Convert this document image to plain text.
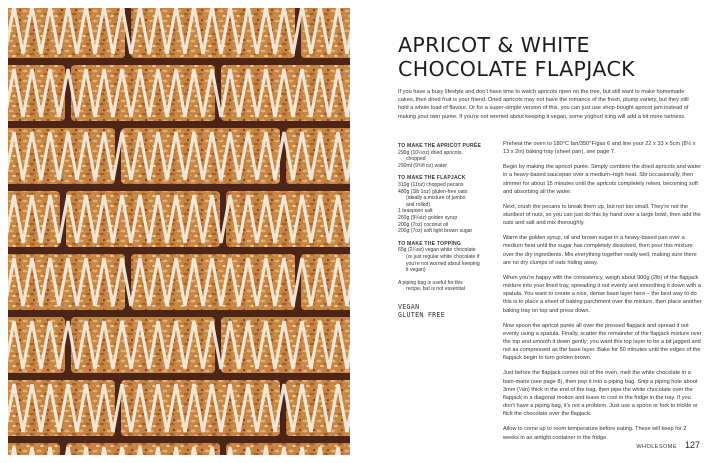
APRICOT & WHITE
CHOCOLATE FLAPJACK

If you have a busy lifestyle and don't have time to watch apricots ripen on the tree, but still want to make homemade cakes, then dried fruit is your friend. Dried apricots may not have the romance of the fresh, plump variety, but they still hold a whole load of flavour. Or for a super-simple version of this, you can just use shop-bought apricot jam instead of making your own purée. If you're not worried about keeping it vegan, some yoghurt icing will add a bit more tartness.

TO MAKE THE APRICOT PURÉE
290g (10½oz) dried apricots,
chopped
290ml (9¾fl oz) water
TO MAKE THE FLAPJACK
310g (11oz) chopped pecans
480g (1lb 1oz) gluten-free oats
(ideally a mixture of jumbo
and rolled)
1 teaspoon salt
260g (9¼oz) golden syrup
200g (7oz) coconut oil
200g (7oz) soft light brown sugar
TO MAKE THE TOPPING
65g (2¼oz) vegan white chocolate
(or just regular white chocolate if
you're not worried about keeping
it vegan)
A piping bag is useful for this
recipe, but is not essential
VEGAN
GLUTEN FREE

Preheat the oven to 180°C fan/350°F/gas 6 and line your 22 x 33 x 5cm (8½ x 13 x 2in) baking tray (sheet pan), see page 7.

Begin by making the apricot purée. Simply combine the dried apricots and water in a heavy-based saucepan over a medium–high heat. Stir occasionally, then simmer for about 15 minutes until the apricots completely relent, becoming soft and absorbing all the water.

Next, crush the pecans to break them up, but not too small. They're not the sturdiest of nuts, so you can just do this by hand over a large bowl, then add the oats and salt and mix thoroughly.

Warm the golden syrup, oil and brown sugar in a heavy-based pan over a medium heat until the sugar has completely dissolved, then pour this mixture over the dry ingredients. Mix everything together really well, making sure there are no dry clumps of oats hiding away.

When you're happy with the consistency, weigh about 900g (2lb) of the flapjack mixture into your lined tray, spreading it out evenly and smoothing it down with a spatula. You want to create a nice, dense base layer here – the best way to do this is to place a sheet of baking parchment over the mixture, then place another baking tray on top and press down.

Now spoon the apricot purée all over the pressed flapjack and spread it out evenly using a spatula. Finally, scatter the remainder of the flapjack mixture over the top and smooth it down gently; you want this top layer to be a bit jagged and not as compressed as the base layer. Bake for 50 minutes until the edges of the flapjack begin to turn golden brown.

Just before the flapjack comes out of the oven, melt the white chocolate in a bain-marie (see page 8), then pop it into a piping bag. Snip a piping hole about 3mm (⅛in) thick in the end of the bag, then pipe the white chocolate over the flapjack in a diagonal motion and leave to cool in the fridge in the tray. If you don't have a piping bag, it's not a problem. Just use a spoon or fork to trickle or flick the chocolate over the flapjack.

Allow to come up to room temperature before eating. These will keep for 2 weeks in an airtight container in the fridge.

WHOLESOME 127
